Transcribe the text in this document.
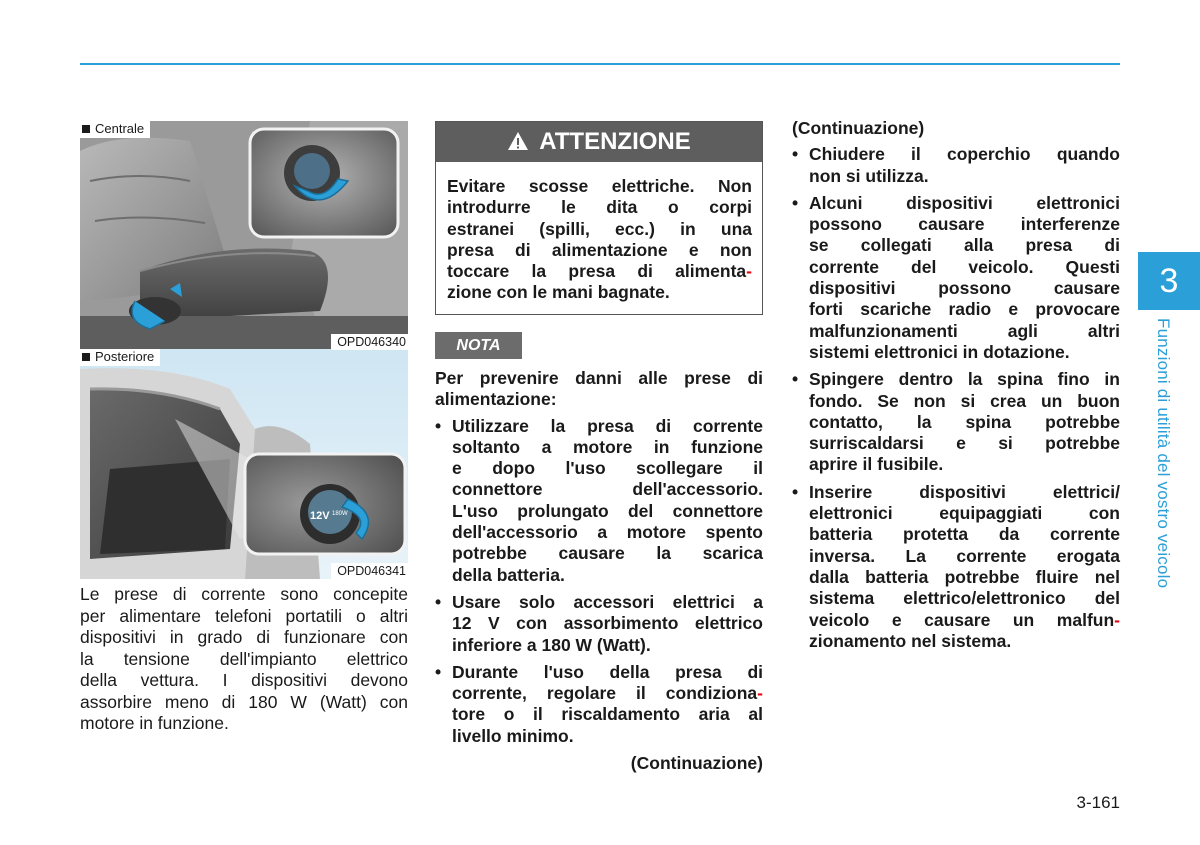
Centrale
OPD046340
12V 180W
Posteriore
OPD046341
Le prese di corrente sono concepite
per alimentare telefoni portatili o altri
dispositivi in grado di funzionare con
la tensione dell'impianto elettrico
della vettura. I dispositivi devono
assorbire meno di 180 W (Watt) con
motore in funzione.
ATTENZIONE
Evitare scosse elettriche. Non
introdurre le dita o corpi
estranei (spilli, ecc.) in una
presa di alimentazione e non
toccare la presa di alimenta-
zione con le mani bagnate.
NOTA
Per prevenire danni alle prese di
alimentazione:
• Utilizzare la presa di corrente
soltanto a motore in funzione
e dopo l'uso scollegare il
connettore dell'accessorio.
L'uso prolungato del connettore
dell'accessorio a motore spento
potrebbe causare la scarica
della batteria.
• Usare solo accessori elettrici a
12 V con assorbimento elettrico
inferiore a 180 W (Watt).
• Durante l'uso della presa di
corrente, regolare il condiziona-
tore o il riscaldamento aria al
livello minimo.
(Continuazione)
(Continuazione)
• Chiudere il coperchio quando
non si utilizza.
• Alcuni dispositivi elettronici
possono causare interferenze
se collegati alla presa di
corrente del veicolo. Questi
dispositivi possono causare
forti scariche radio e provocare
malfunzionamenti agli altri
sistemi elettronici in dotazione.
• Spingere dentro la spina fino in
fondo. Se non si crea un buon
contatto, la spina potrebbe
surriscaldarsi e si potrebbe
aprire il fusibile.
• Inserire dispositivi elettrici/
elettronici equipaggiati con
batteria protetta da corrente
inversa. La corrente erogata
dalla batteria potrebbe fluire nel
sistema elettrico/elettronico del
veicolo e causare un malfun-
zionamento nel sistema.
3
Funzioni di utilità del vostro veicolo
3-161
